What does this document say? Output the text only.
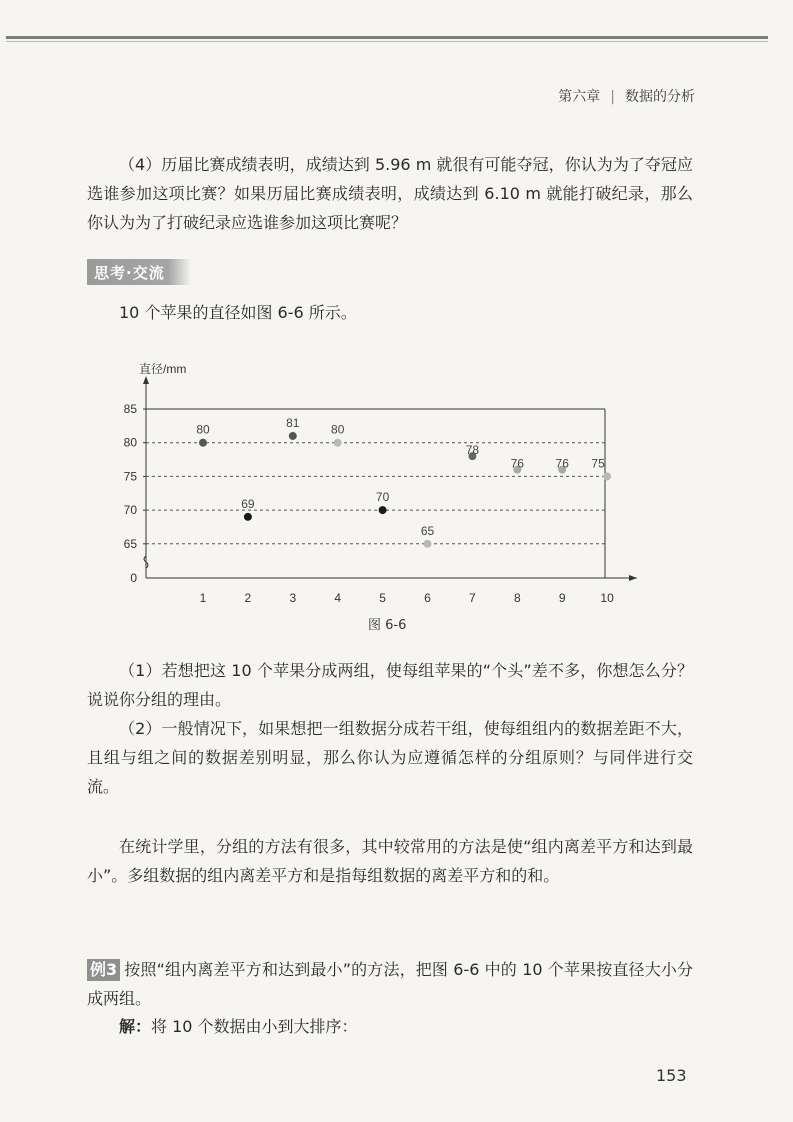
第六章 | 数据的分析

（4）历届比赛成绩表明，成绩达到 5.96 m 就很有可能夺冠，你认为为了夺冠应选谁参加这项比赛？如果历届比赛成绩表明，成绩达到 6.10 m 就能打破纪录，那么你认为为了打破纪录应选谁参加这项比赛呢？

思考·交流

10 个苹果的直径如图 6-6 所示。

直径/mm
0
65
70
75
80
85
1	2	3	4	5	6	7	8	9	10
80
69
81	80
70
65
78
76	76 75
图 6-6

（1）若想把这 10 个苹果分成两组，使每组苹果的“个头”差不多，你想怎么分？说说你分组的理由。

（2）一般情况下，如果想把一组数据分成若干组，使每组组内的数据差距不大，且组与组之间的数据差别明显，那么你认为应遵循怎样的分组原则？与同伴进行交流。

在统计学里，分组的方法有很多，其中较常用的方法是使“组内离差平方和达到最小”。多组数据的组内离差平方和是指每组数据的离差平方和的和。

例3 按照“组内离差平方和达到最小”的方法，把图 6-6 中的 10 个苹果按直径大小分成两组。

解：将 10 个数据由小到大排序：

153
